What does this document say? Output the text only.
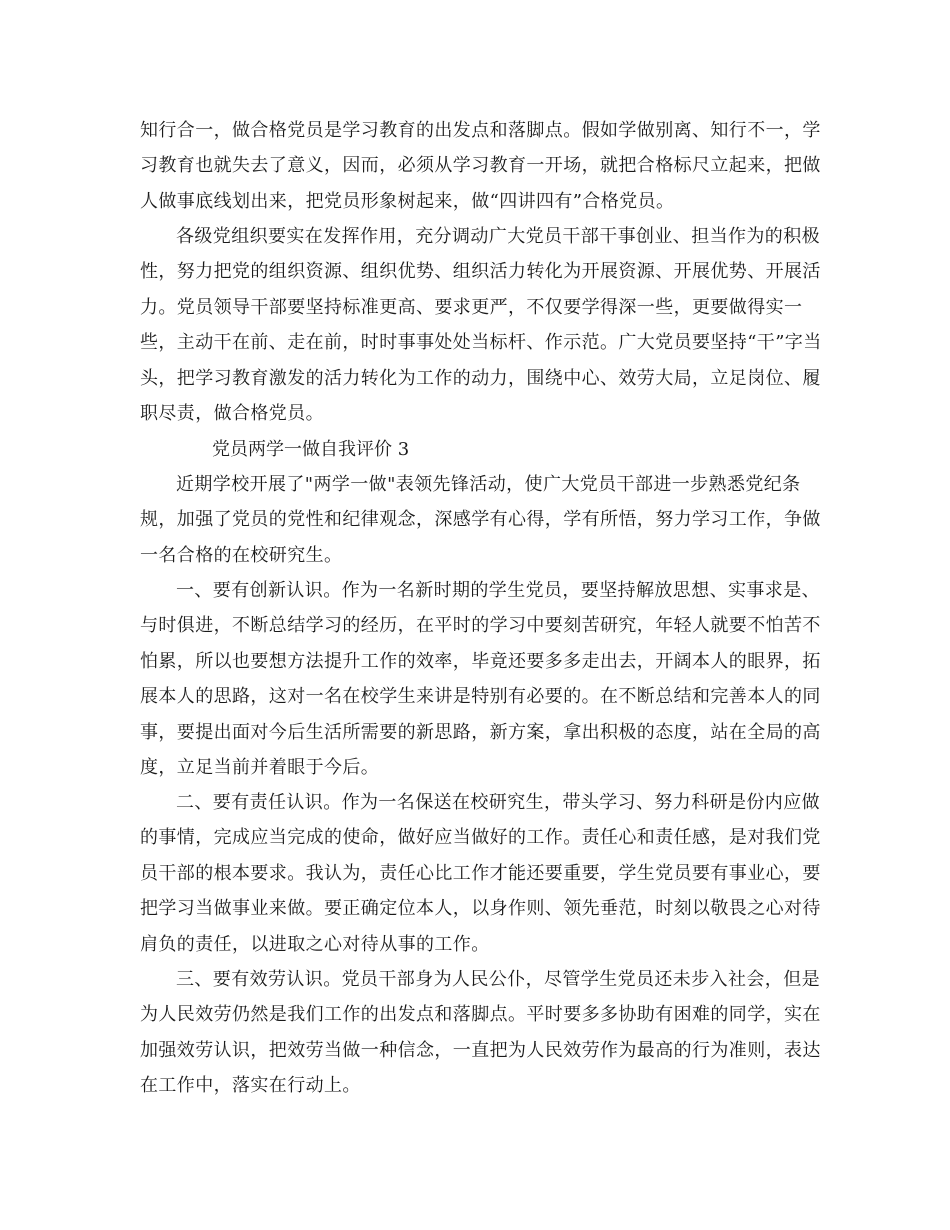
知行合一，做合格党员是学习教育的出发点和落脚点。假如学做别离、知行不一，学习教育也就失去了意义，因而，必须从学习教育一开场，就把合格标尺立起来，把做人做事底线划出来，把党员形象树起来，做“四讲四有”合格党员。

各级党组织要实在发挥作用，充分调动广大党员干部干事创业、担当作为的积极性，努力把党的组织资源、组织优势、组织活力转化为开展资源、开展优势、开展活力。党员领导干部要坚持标准更高、要求更严，不仅要学得深一些，更要做得实一些，主动干在前、走在前，时时事事处处当标杆、作示范。广大党员要坚持“干”字当头，把学习教育激发的活力转化为工作的动力，围绕中心、效劳大局，立足岗位、履职尽责，做合格党员。

党员两学一做自我评价 3

近期学校开展了"两学一做"表领先锋活动，使广大党员干部进一步熟悉党纪条规，加强了党员的党性和纪律观念，深感学有心得，学有所悟，努力学习工作，争做一名合格的在校研究生。

一、要有创新认识。作为一名新时期的学生党员，要坚持解放思想、实事求是、与时俱进，不断总结学习的经历，在平时的学习中要刻苦研究，年轻人就要不怕苦不怕累，所以也要想方法提升工作的效率，毕竟还要多多走出去，开阔本人的眼界，拓展本人的思路，这对一名在校学生来讲是特别有必要的。在不断总结和完善本人的同事，要提出面对今后生活所需要的新思路，新方案，拿出积极的态度，站在全局的高度，立足当前并着眼于今后。

二、要有责任认识。作为一名保送在校研究生，带头学习、努力科研是份内应做的事情，完成应当完成的使命，做好应当做好的工作。责任心和责任感，是对我们党员干部的根本要求。我认为，责任心比工作才能还要重要，学生党员要有事业心，要把学习当做事业来做。要正确定位本人，以身作则、领先垂范，时刻以敬畏之心对待肩负的责任，以进取之心对待从事的工作。

三、要有效劳认识。党员干部身为人民公仆，尽管学生党员还未步入社会，但是为人民效劳仍然是我们工作的出发点和落脚点。平时要多多协助有困难的同学，实在加强效劳认识，把效劳当做一种信念，一直把为人民效劳作为最高的行为准则，表达在工作中，落实在行动上。
